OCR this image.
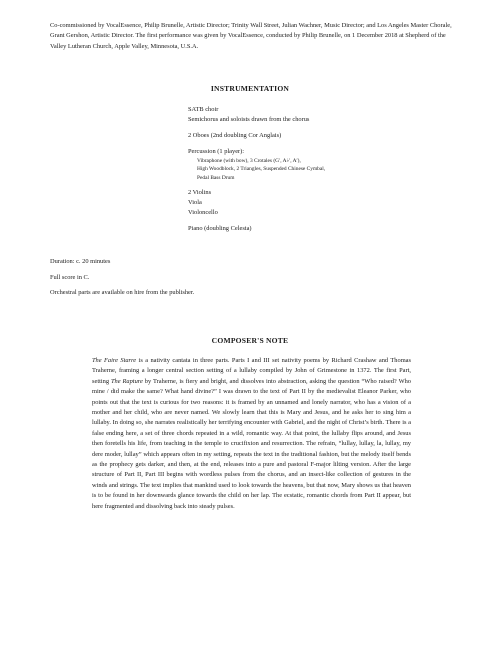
Co-commissioned by VocalEssence, Philip Brunelle, Artistic Director; Trinity Wall Street, Julian Wachner, Music Director; and Los Angeles Master Chorale, Grant Gershon, Artistic Director. The first performance was given by VocalEssence, conducted by Philip Brunelle, on 1 December 2018 at Shepherd of the Valley Lutheran Church, Apple Valley, Minnesota, U.S.A.
INSTRUMENTATION

SATB choir

Semichorus and soloists drawn from the chorus

2 Oboes (2nd doubling Cor Anglais)

Percussion (1 player):

Vibraphone (with bow), 3 Crotales (G′, A♭′, A′),

High Woodblock, 2 Triangles, Suspended Chinese Cymbal,

Pedal Bass Drum

2 Violins

Viola

Violoncello

Piano (doubling Celesta)

Duration: c. 20 minutes

Full score in C.

Orchestral parts are available on hire from the publisher.

COMPOSER'S NOTE

The Faire Starre is a nativity cantata in three parts. Parts I and III set nativity poems by Richard Crashaw and Thomas Traherne, framing a longer central section setting of a lullaby compiled by John of Grimestone in 1372. The first Part, setting The Rapture by Traherne, is fiery and bright, and dissolves into abstraction, asking the question “Who raised? Who mine / did make the same? What hand divine?” I was drawn to the text of Part II by the medievalist Eleanor Parker, who points out that the text is curious for two reasons: it is framed by an unnamed and lonely narrator, who has a vision of a mother and her child, who are never named. We slowly learn that this is Mary and Jesus, and he asks her to sing him a lullaby. In doing so, she narrates realistically her terrifying encounter with Gabriel, and the night of Christ’s birth. There is a false ending here, a set of three chords repeated in a wild, romantic way. At that point, the lullaby flips around, and Jesus then foretells his life, from teaching in the temple to crucifixion and resurrection. The refrain, “lullay, lullay, la, lullay, my dere moder, lullay” which appears often in my setting, repeats the text in the traditional fashion, but the melody itself bends as the prophecy gets darker, and then, at the end, releases into a pure and pastoral F-major lilting version. After the large structure of Part II, Part III begins with wordless pulses from the chorus, and an insect-like collection of gestures in the winds and strings. The text implies that mankind used to look towards the heavens, but that now, Mary shows us that heaven is to be found in her downwards glance towards the child on her lap. The ecstatic, romantic chords from Part II appear, but here fragmented and dissolving back into steady pulses.
